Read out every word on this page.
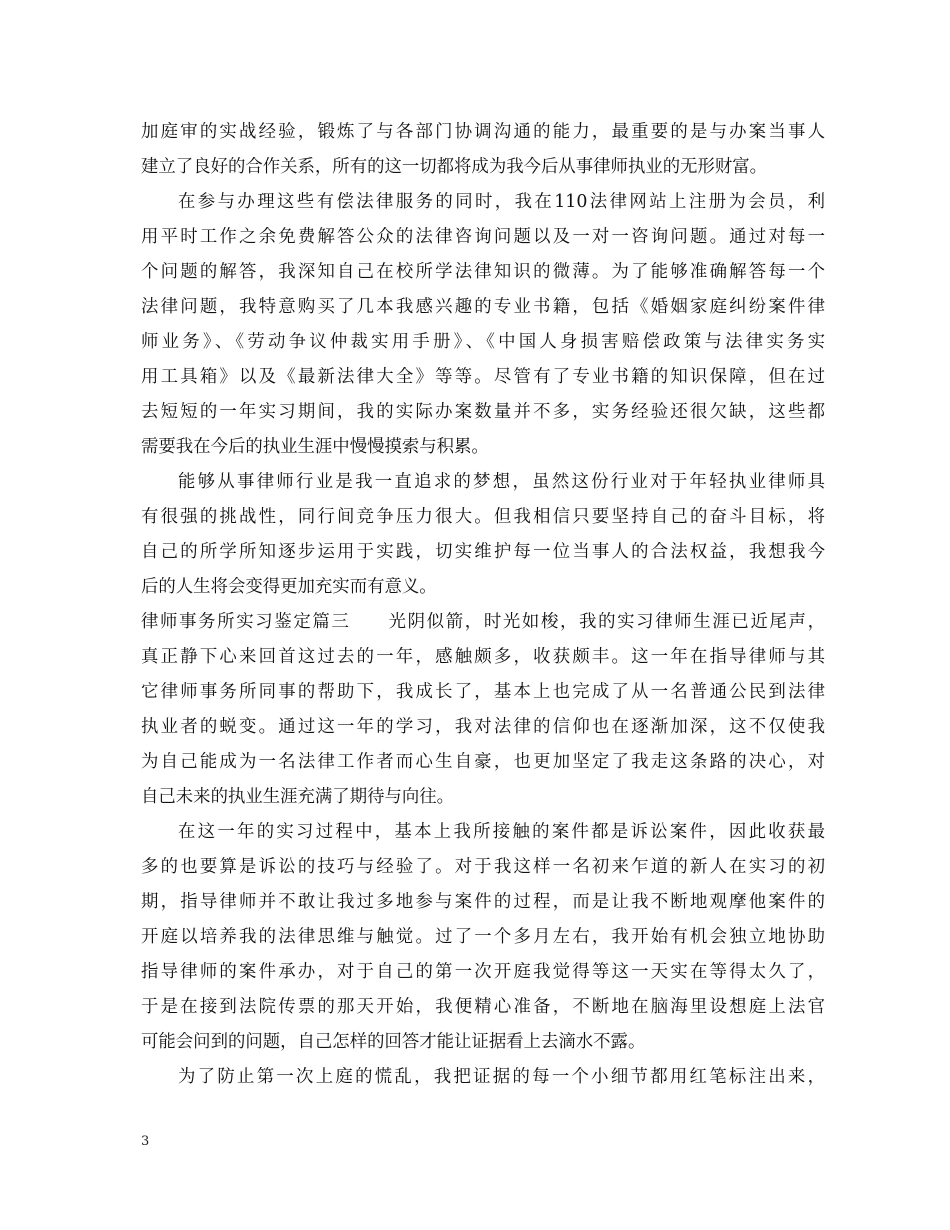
加庭审的实战经验，锻炼了与各部门协调沟通的能力，最重要的是与办案当事人
建立了良好的合作关系，所有的这一切都将成为我今后从事律师执业的无形财富。
在参与办理这些有偿法律服务的同时，我在110法律网站上注册为会员，利
用平时工作之余免费解答公众的法律咨询问题以及一对一咨询问题。通过对每一
个问题的解答，我深知自己在校所学法律知识的微薄。为了能够准确解答每一个
法律问题，我特意购买了几本我感兴趣的专业书籍，包括《婚姻家庭纠纷案件律
师业务》、《劳动争议仲裁实用手册》、《中国人身损害赔偿政策与法律实务实
用工具箱》以及《最新法律大全》等等。尽管有了专业书籍的知识保障，但在过
去短短的一年实习期间，我的实际办案数量并不多，实务经验还很欠缺，这些都
需要我在今后的执业生涯中慢慢摸索与积累。
能够从事律师行业是我一直追求的梦想，虽然这份行业对于年轻执业律师具
有很强的挑战性，同行间竞争压力很大。但我相信只要坚持自己的奋斗目标，将
自己的所学所知逐步运用于实践，切实维护每一位当事人的合法权益，我想我今
后的人生将会变得更加充实而有意义。
律师事务所实习鉴定篇三　　光阴似箭，时光如梭，我的实习律师生涯已近尾声，
真正静下心来回首这过去的一年，感触颇多，收获颇丰。这一年在指导律师与其
它律师事务所同事的帮助下，我成长了，基本上也完成了从一名普通公民到法律
执业者的蜕变。通过这一年的学习，我对法律的信仰也在逐渐加深，这不仅使我
为自己能成为一名法律工作者而心生自豪，也更加坚定了我走这条路的决心，对
自己未来的执业生涯充满了期待与向往。
在这一年的实习过程中，基本上我所接触的案件都是诉讼案件，因此收获最
多的也要算是诉讼的技巧与经验了。对于我这样一名初来乍道的新人在实习的初
期，指导律师并不敢让我过多地参与案件的过程，而是让我不断地观摩他案件的
开庭以培养我的法律思维与触觉。过了一个多月左右，我开始有机会独立地协助
指导律师的案件承办，对于自己的第一次开庭我觉得等这一天实在等得太久了，
于是在接到法院传票的那天开始，我便精心准备，不断地在脑海里设想庭上法官
可能会问到的问题，自己怎样的回答才能让证据看上去滴水不露。
为了防止第一次上庭的慌乱，我把证据的每一个小细节都用红笔标注出来，
3
